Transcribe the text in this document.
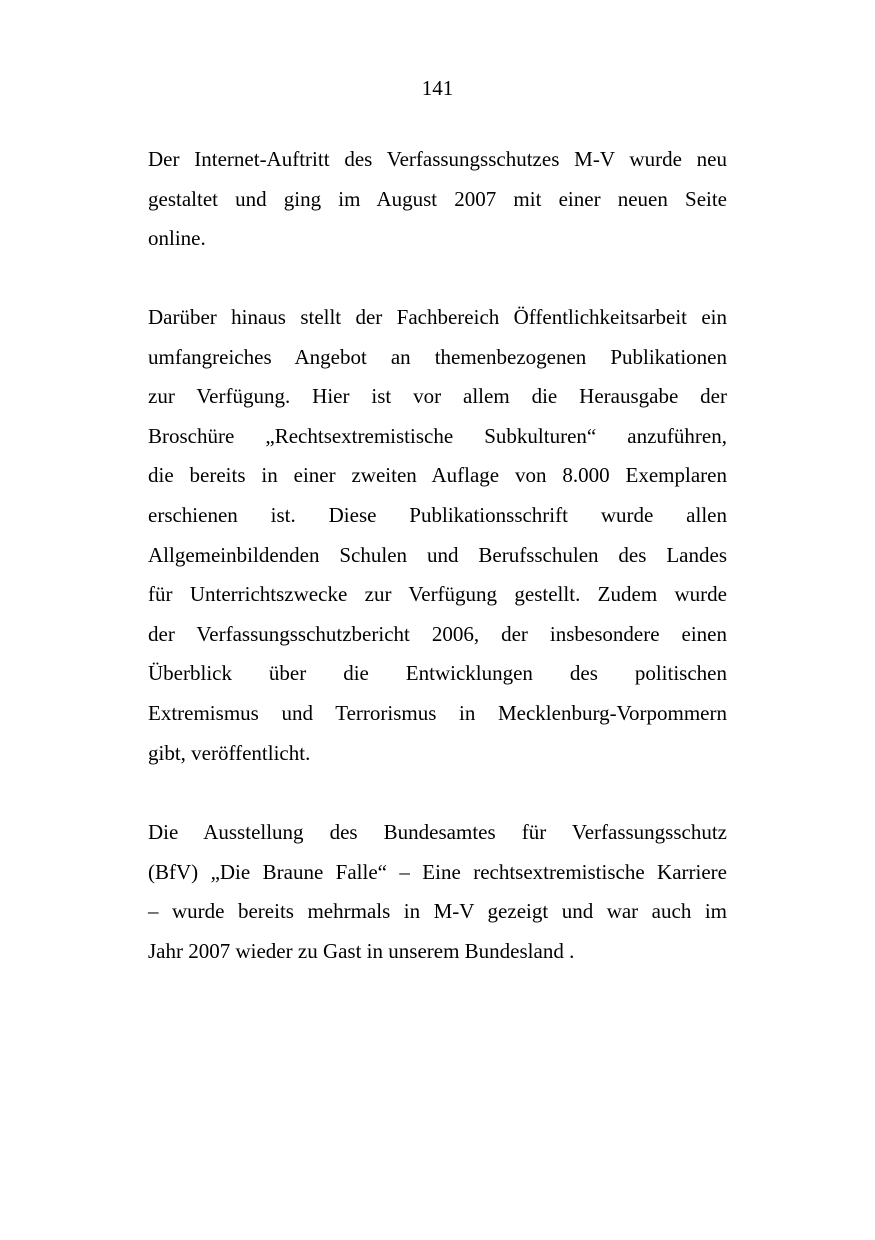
141
Der Internet-Auftritt des Verfassungsschutzes M-V wurde neu
gestaltet und ging im August 2007 mit einer neuen Seite
online.
Darüber hinaus stellt der Fachbereich Öffentlichkeitsarbeit ein
umfangreiches Angebot an themenbezogenen Publikationen
zur Verfügung. Hier ist vor allem die Herausgabe der
Broschüre „Rechtsextremistische Subkulturen“ anzuführen,
die bereits in einer zweiten Auflage von 8.000 Exemplaren
erschienen ist. Diese Publikationsschrift wurde allen
Allgemeinbildenden Schulen und Berufsschulen des Landes
für Unterrichtszwecke zur Verfügung gestellt. Zudem wurde
der Verfassungsschutzbericht 2006, der insbesondere einen
Überblick über die Entwicklungen des politischen
Extremismus und Terrorismus in Mecklenburg-Vorpommern
gibt, veröffentlicht.
Die Ausstellung des Bundesamtes für Verfassungsschutz
(BfV) „Die Braune Falle“ – Eine rechtsextremistische Karriere
– wurde bereits mehrmals in M-V gezeigt und war auch im
Jahr 2007 wieder zu Gast in unserem Bundesland .
